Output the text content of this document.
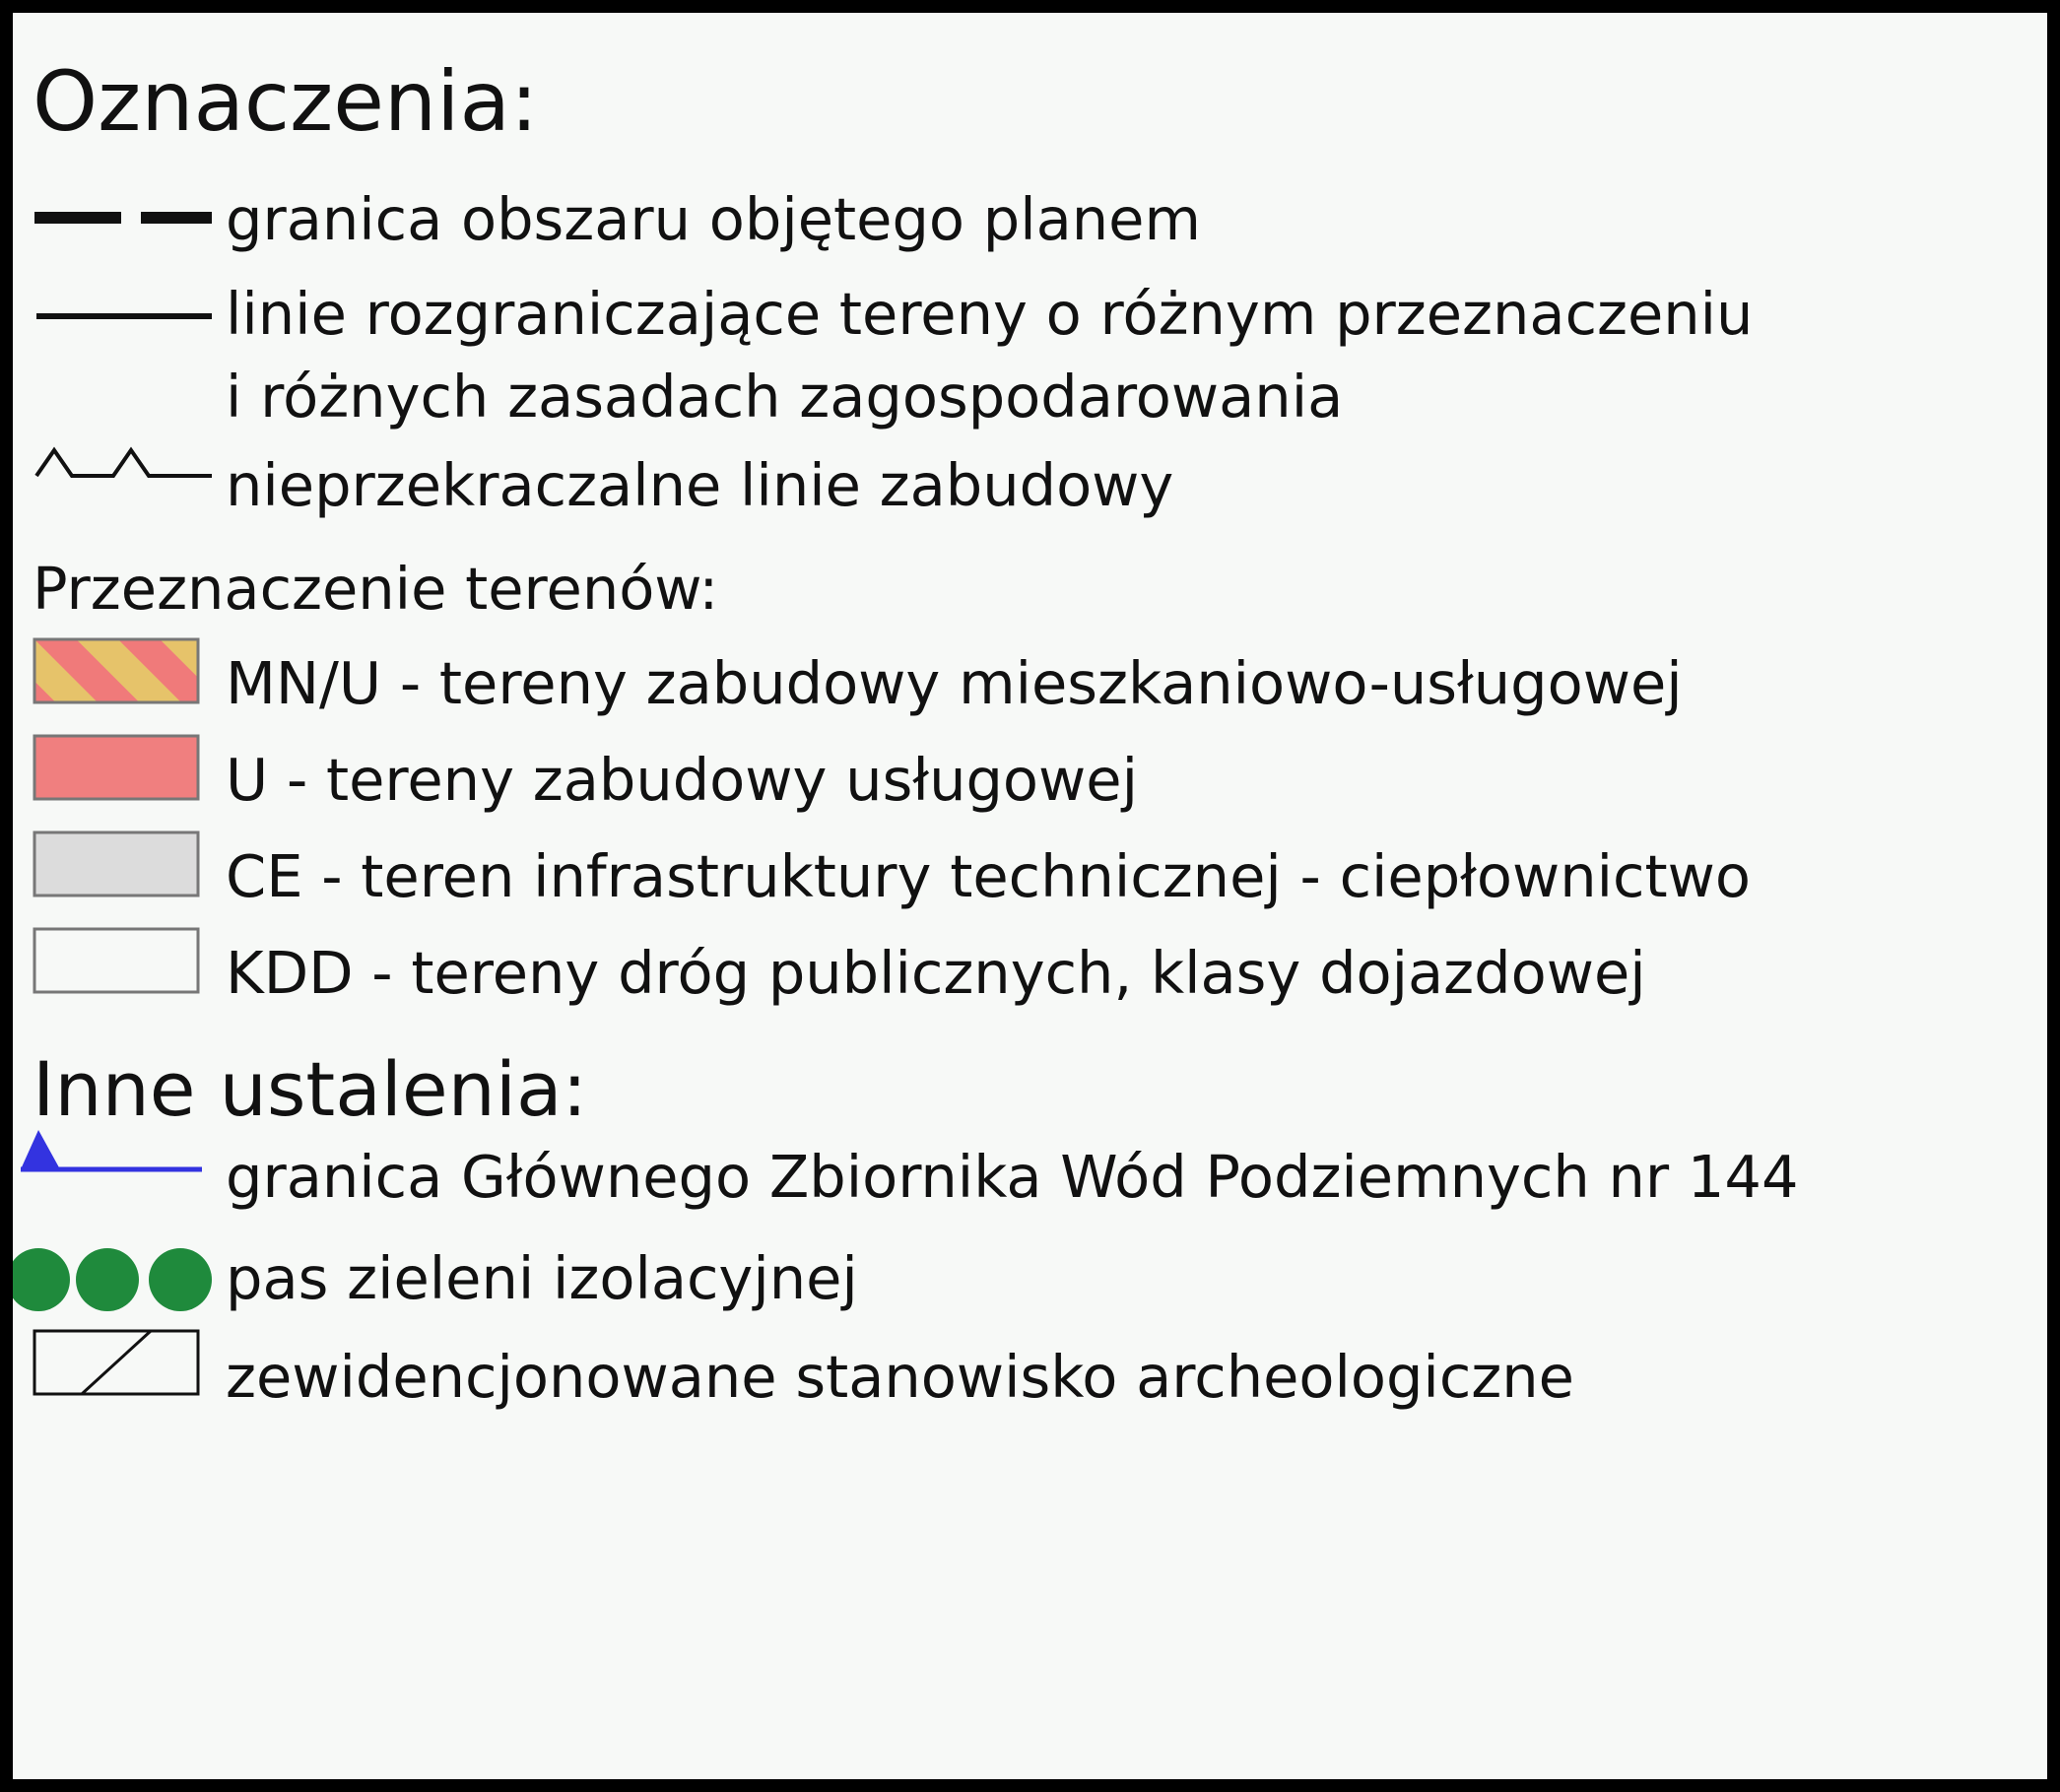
Oznaczenia:
granica obszaru objętego planem
linie rozgraniczające tereny o różnym przeznaczeniu
i różnych zasadach zagospodarowania
nieprzekraczalne linie zabudowy
Przeznaczenie terenów:
MN/U - tereny zabudowy mieszkaniowo-usługowej
U - tereny zabudowy usługowej
CE - teren infrastruktury technicznej - ciepłownictwo
KDD - tereny dróg publicznych, klasy dojazdowej
Inne ustalenia:
granica Głównego Zbiornika Wód Podziemnych nr 144
pas zieleni izolacyjnej
zewidencjonowane stanowisko archeologiczne
